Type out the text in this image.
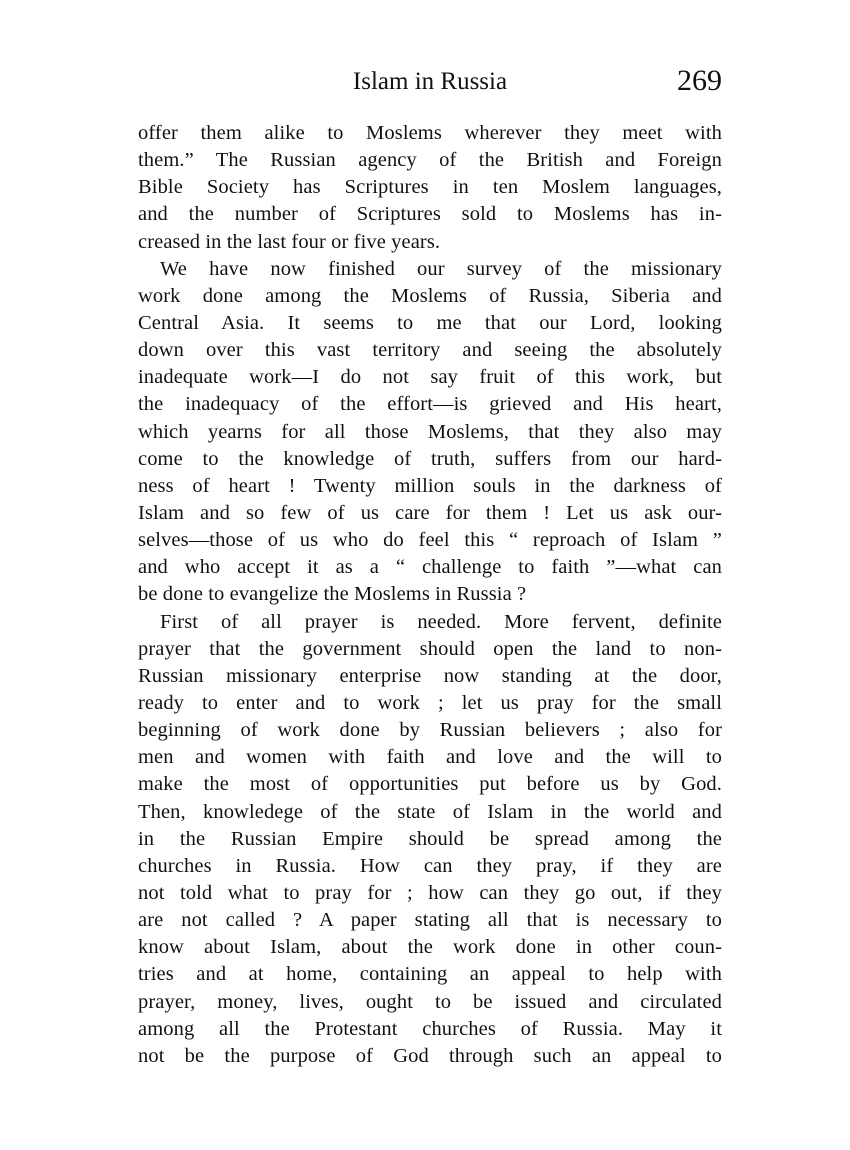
Islam in Russia	269
offer them alike to Moslems wherever they meet with
them.” The Russian agency of the British and Foreign
Bible Society has Scriptures in ten Moslem languages,
and the number of Scriptures sold to Moslems has in-
creased in the last four or five years.
We have now finished our survey of the missionary
work done among the Moslems of Russia, Siberia and
Central Asia. It seems to me that our Lord, looking
down over this vast territory and seeing the absolutely
inadequate work—I do not say fruit of this work, but
the inadequacy of the effort—is grieved and His heart,
which yearns for all those Moslems, that they also may
come to the knowledge of truth, suffers from our hard-
ness of heart ! Twenty million souls in the darkness of
Islam and so few of us care for them ! Let us ask our-
selves—those of us who do feel this “ reproach of Islam ”
and who accept it as a “ challenge to faith ”—what can
be done to evangelize the Moslems in Russia ?
First of all prayer is needed. More fervent, definite
prayer that the government should open the land to non-
Russian missionary enterprise now standing at the door,
ready to enter and to work ; let us pray for the small
beginning of work done by Russian believers ; also for
men and women with faith and love and the will to
make the most of opportunities put before us by God.
Then, knowledege of the state of Islam in the world and
in the Russian Empire should be spread among the
churches in Russia. How can they pray, if they are
not told what to pray for ; how can they go out, if they
are not called ? A paper stating all that is necessary to
know about Islam, about the work done in other coun-
tries and at home, containing an appeal to help with
prayer, money, lives, ought to be issued and circulated
among all the Protestant churches of Russia. May it
not be the purpose of God through such an appeal to
